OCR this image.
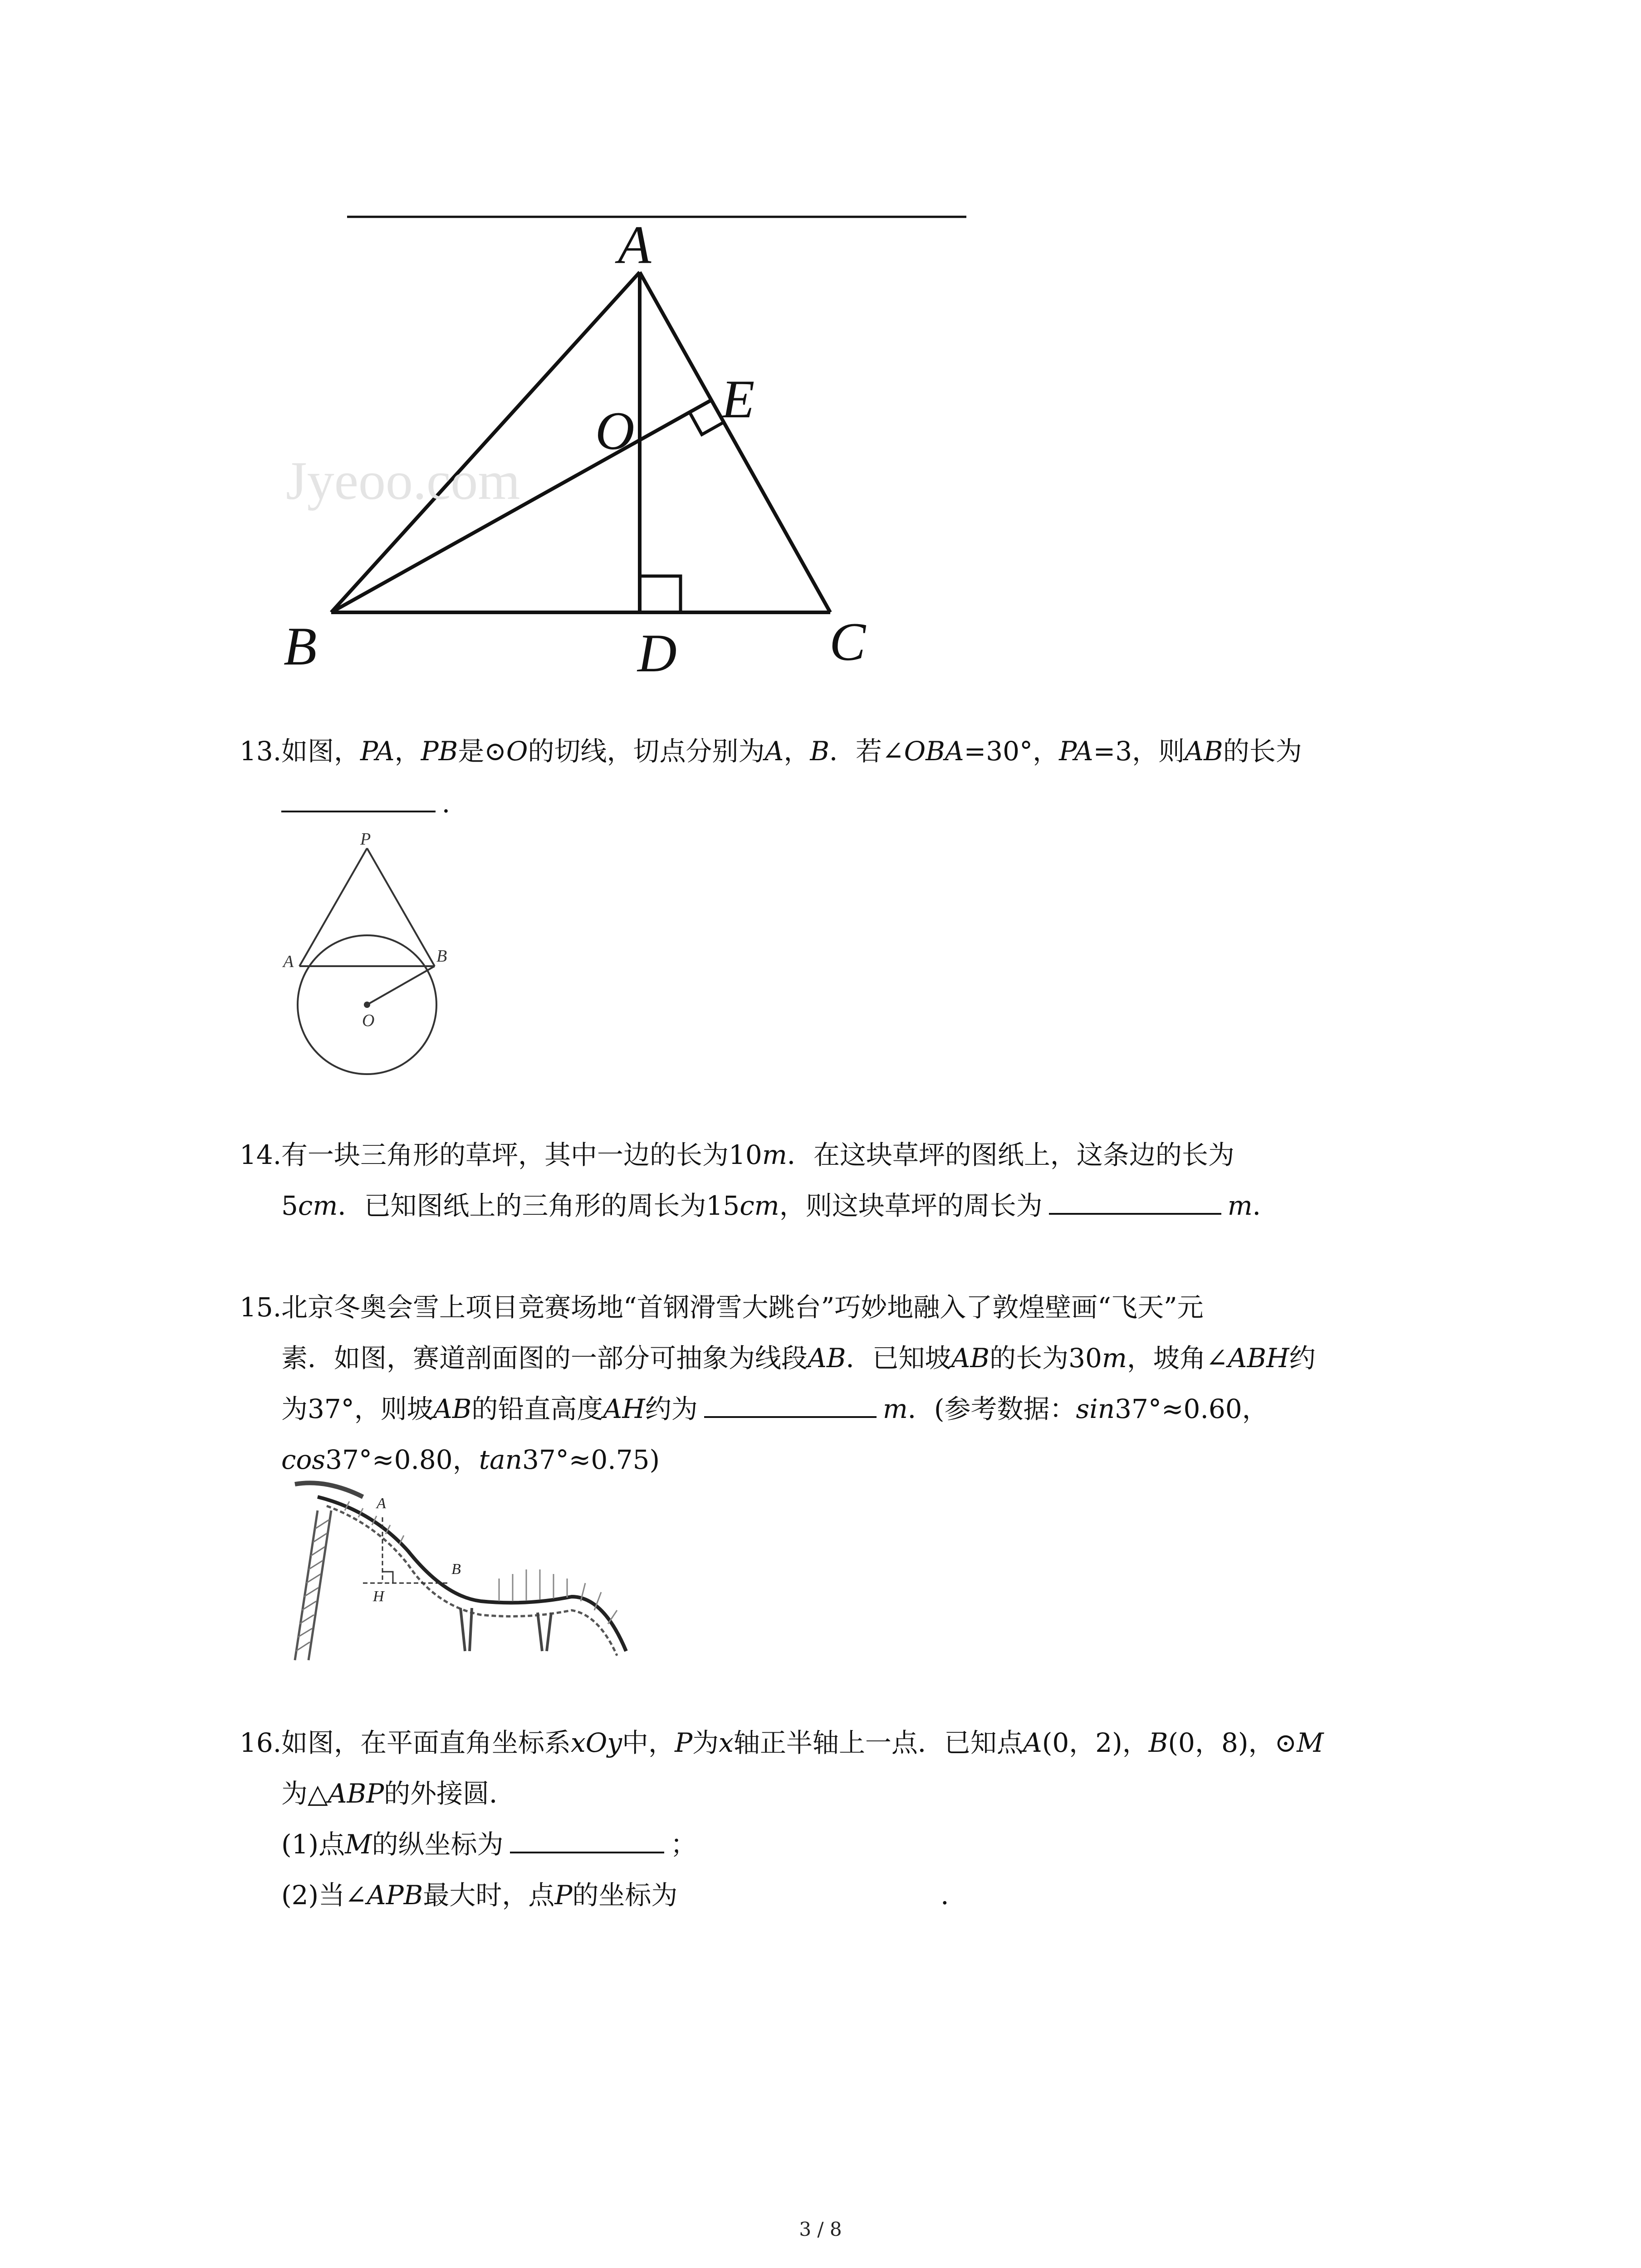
Jyeoo.com
A
E
O
B	D	C
13.如图，PA，PB是⊙O的切线，切点分别为A，B．若∠OBA=30°，PA=3，则AB的长为
．
P
A	B
O
14.有一块三角形的草坪，其中一边的长为10m．在这块草坪的图纸上，这条边的长为
5cm．已知图纸上的三角形的周长为15cm，则这块草坪的周长为	m．
15.北京冬奥会雪上项目竞赛场地“首钢滑雪大跳台”巧妙地融入了敦煌壁画“飞天”元
素．如图，赛道剖面图的一部分可抽象为线段AB．已知坡AB的长为30m，坡角∠ABH约
为37°，则坡AB的铅直高度AH约为	m．(参考数据：sin37°≈0.60，
cos37°≈0.80，tan37°≈0.75)
A
B
H
16.如图，在平面直角坐标系xOy中，P为x轴正半轴上一点．已知点A(0，2)，B(0，8)，⊙M
为△ABP的外接圆．
(1)点M的纵坐标为	；
(2)当∠APB最大时，点P的坐标为	．
3 / 8
